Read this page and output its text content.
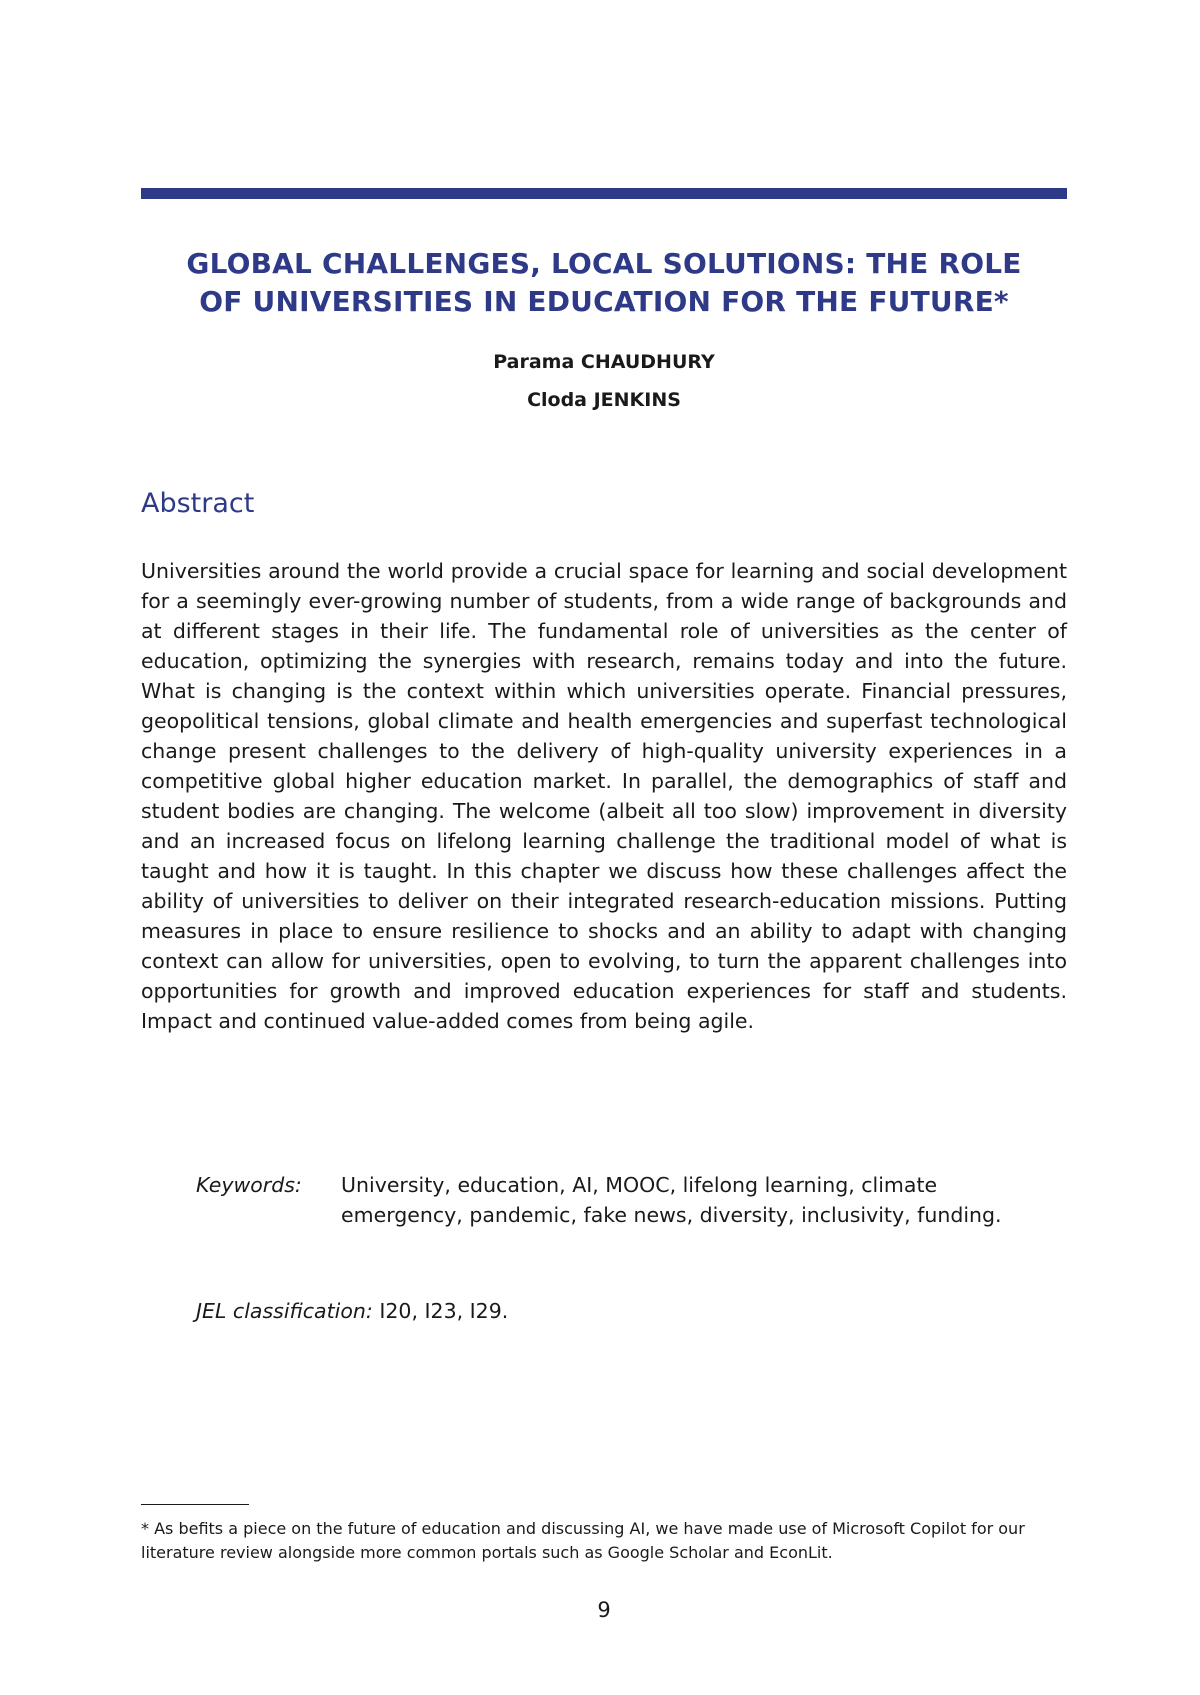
GLOBAL CHALLENGES, LOCAL SOLUTIONS: THE ROLE
OF UNIVERSITIES IN EDUCATION FOR THE FUTURE*
Parama CHAUDHURY
Cloda JENKINS
Abstract

Universities around the world provide a crucial space for learning and social development for a seemingly ever-growing number of students, from a wide range of backgrounds and at different stages in their life. The fundamental role of universities as the center of education, optimizing the synergies with research, remains today and into the future. What is changing is the context within which universities operate. Financial pressures, geopolitical tensions, global climate and health emergencies and superfast technological change present challenges to the delivery of high-quality university experiences in a competitive global higher education market. In parallel, the demographics of staff and student bodies are changing. The welcome (albeit all too slow) improvement in diversity and an increased focus on lifelong learning challenge the traditional model of what is taught and how it is taught. In this chapter we discuss how these challenges affect the ability of universities to deliver on their integrated research-education missions. Putting measures in place to ensure resilience to shocks and an ability to adapt with changing context can allow for universities, open to evolving, to turn the apparent challenges into opportunities for growth and improved education experiences for staff and students. Impact and continued value-added comes from being agile.

Keywords:	University, education, AI, MOOC, lifelong learning, climate emergency, pandemic, fake news, diversity, inclusivity, funding.
JEL classification: I20, I23, I29.
* As befits a piece on the future of education and discussing AI, we have made use of Microsoft Copilot for our literature review alongside more common portals such as Google Scholar and EconLit.
9
